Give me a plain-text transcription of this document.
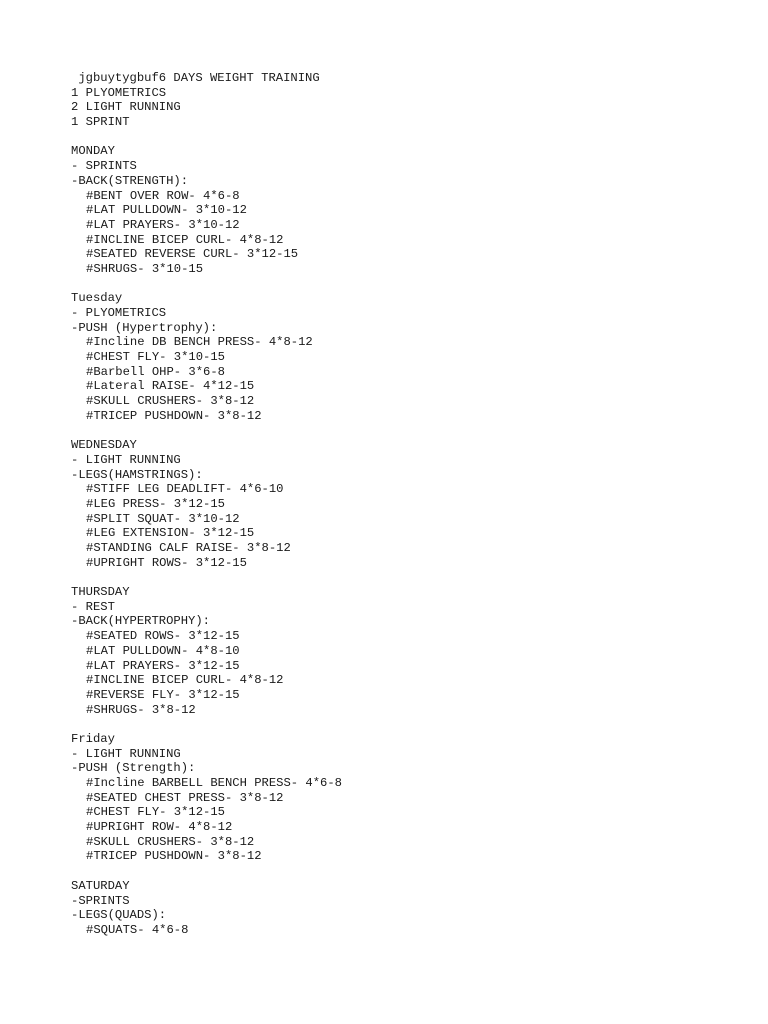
jgbuytygbuf6 DAYS WEIGHT TRAINING
1 PLYOMETRICS
2 LIGHT RUNNING
1 SPRINT
MONDAY
- SPRINTS
-BACK(STRENGTH):
#BENT OVER ROW- 4*6-8
#LAT PULLDOWN- 3*10-12
#LAT PRAYERS- 3*10-12
#INCLINE BICEP CURL- 4*8-12
#SEATED REVERSE CURL- 3*12-15
#SHRUGS- 3*10-15
Tuesday
- PLYOMETRICS
-PUSH (Hypertrophy):
#Incline DB BENCH PRESS- 4*8-12
#CHEST FLY- 3*10-15
#Barbell OHP- 3*6-8
#Lateral RAISE- 4*12-15
#SKULL CRUSHERS- 3*8-12
#TRICEP PUSHDOWN- 3*8-12
WEDNESDAY
- LIGHT RUNNING
-LEGS(HAMSTRINGS):
#STIFF LEG DEADLIFT- 4*6-10
#LEG PRESS- 3*12-15
#SPLIT SQUAT- 3*10-12
#LEG EXTENSION- 3*12-15
#STANDING CALF RAISE- 3*8-12
#UPRIGHT ROWS- 3*12-15
THURSDAY
- REST
-BACK(HYPERTROPHY):
#SEATED ROWS- 3*12-15
#LAT PULLDOWN- 4*8-10
#LAT PRAYERS- 3*12-15
#INCLINE BICEP CURL- 4*8-12
#REVERSE FLY- 3*12-15
#SHRUGS- 3*8-12
Friday
- LIGHT RUNNING
-PUSH (Strength):
#Incline BARBELL BENCH PRESS- 4*6-8
#SEATED CHEST PRESS- 3*8-12
#CHEST FLY- 3*12-15
#UPRIGHT ROW- 4*8-12
#SKULL CRUSHERS- 3*8-12
#TRICEP PUSHDOWN- 3*8-12
SATURDAY
-SPRINTS
-LEGS(QUADS):
#SQUATS- 4*6-8
